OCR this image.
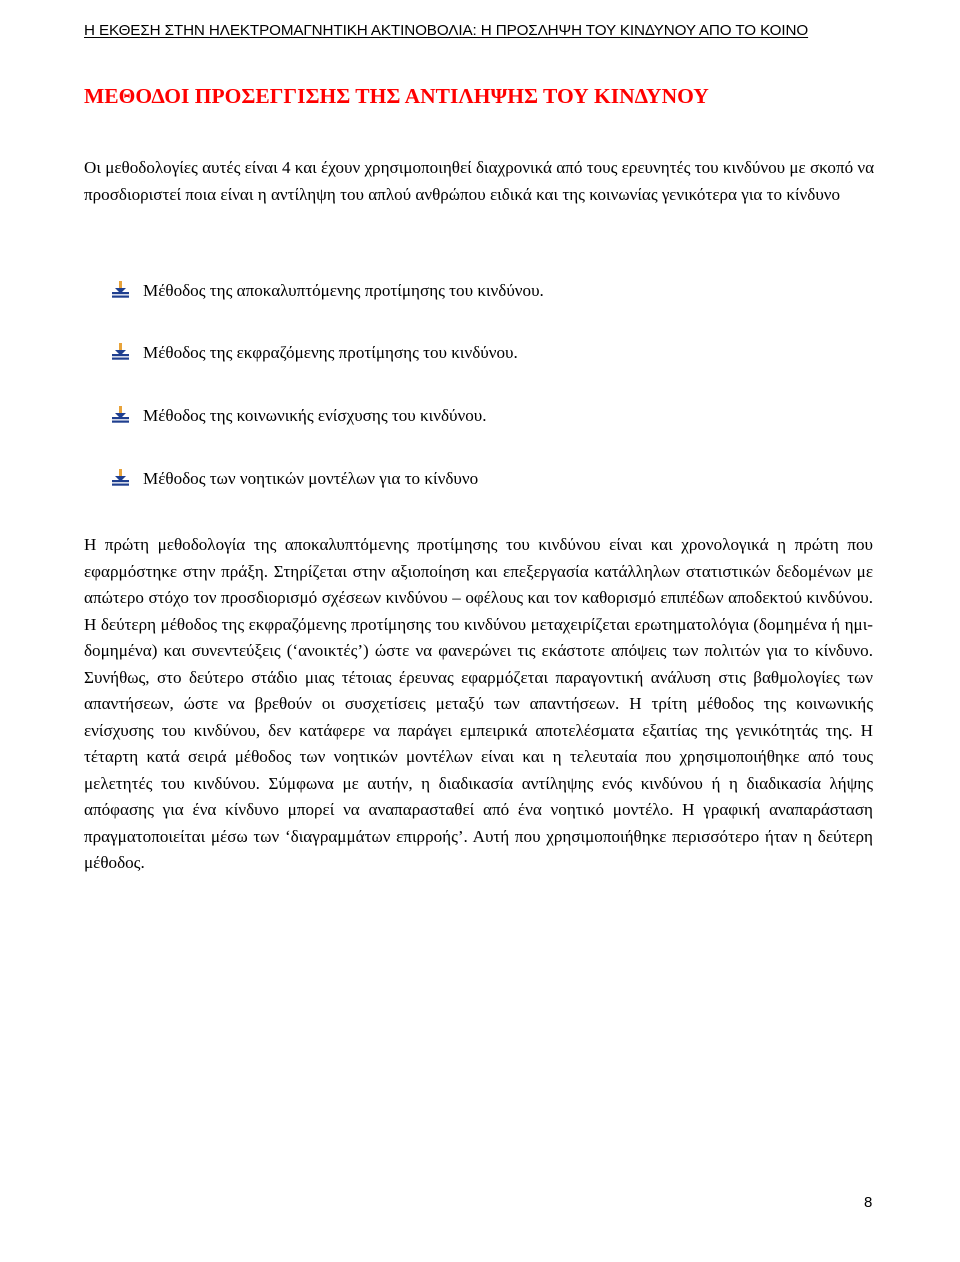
Η ΕΚΘΕΣΗ ΣΤΗΝ ΗΛΕΚΤΡΟΜΑΓΝΗΤΙΚΗ ΑΚΤΙΝΟΒΟΛΙΑ: Η ΠΡΟΣΛΗΨΗ ΤΟΥ ΚΙΝΔΥΝΟΥ ΑΠΟ ΤΟ ΚΟΙΝΟ
ΜΕΘΟΔΟΙ ΠΡΟΣΕΓΓΙΣΗΣ ΤΗΣ ΑΝΤΙΛΗΨΗΣ ΤΟΥ ΚΙΝΔΥΝΟΥ

Οι μεθοδολογίες αυτές είναι 4 και έχουν χρησιμοποιηθεί διαχρονικά από τους ερευνητές του κινδύνου με σκοπό να προσδιοριστεί ποια είναι η αντίληψη του απλού ανθρώπου ειδικά και της κοινωνίας γενικότερα για το κίνδυνο

Μέθοδος της αποκαλυπτόμενης προτίμησης του κινδύνου.
Μέθοδος της εκφραζόμενης προτίμησης του κινδύνου.
Μέθοδος της κοινωνικής ενίσχυσης του κινδύνου.
Μέθοδος των νοητικών μοντέλων για το κίνδυνο

Η πρώτη μεθοδολογία της αποκαλυπτόμενης προτίμησης του κινδύνου είναι και χρονολογικά η πρώτη που εφαρμόστηκε στην πράξη. Στηρίζεται στην αξιοποίηση και επεξεργασία κατάλληλων στατιστικών δεδομένων με απώτερο στόχο τον προσδιορισμό σχέσεων κινδύνου – οφέλους και τον καθορισμό επιπέδων αποδεκτού κινδύνου. Η δεύτερη μέθοδος της εκφραζόμενης προτίμησης του κινδύνου μεταχειρίζεται ερωτηματολόγια (δομημένα ή ημι-δομημένα) και συνεντεύξεις (‘ανοικτές’) ώστε να φανερώνει τις εκάστοτε απόψεις των πολιτών για το κίνδυνο. Συνήθως, στο δεύτερο στάδιο μιας τέτοιας έρευνας εφαρμόζεται παραγοντική ανάλυση στις βαθμολογίες των απαντήσεων, ώστε να βρεθούν οι συσχετίσεις μεταξύ των απαντήσεων. Η τρίτη μέθοδος της κοινωνικής ενίσχυσης του κινδύνου, δεν κατάφερε να παράγει εμπειρικά αποτελέσματα εξαιτίας της γενικότητάς της. Η τέταρτη κατά σειρά μέθοδος των νοητικών μοντέλων είναι και η τελευταία που χρησιμοποιήθηκε από τους μελετητές του κινδύνου. Σύμφωνα με αυτήν, η διαδικασία αντίληψης ενός κινδύνου ή η διαδικασία λήψης απόφασης για ένα κίνδυνο μπορεί να αναπαρασταθεί από ένα νοητικό μοντέλο. Η γραφική αναπαράσταση πραγματοποιείται μέσω των ‘διαγραμμάτων επιρροής’. Αυτή που χρησιμοποιήθηκε περισσότερο ήταν η δεύτερη μέθοδος.

8
